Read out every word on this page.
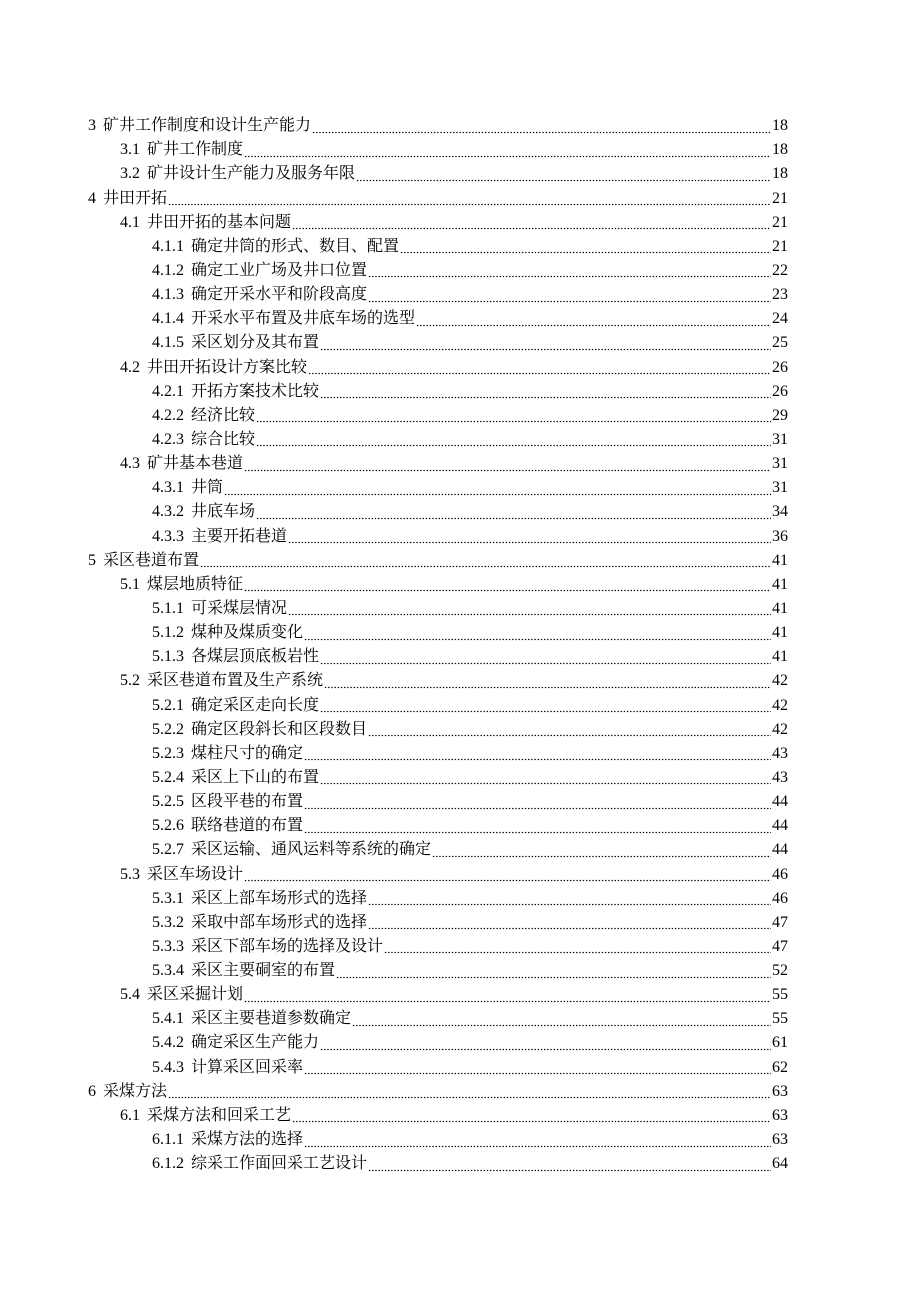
3 矿井工作制度和设计生产能力	18
3.1 矿井工作制度	18
3.2 矿井设计生产能力及服务年限	18
4 井田开拓	21
4.1 井田开拓的基本问题	21
4.1.1 确定井筒的形式、数目、配置	21
4.1.2 确定工业广场及井口位置	22
4.1.3 确定开采水平和阶段高度	23
4.1.4 开采水平布置及井底车场的选型	24
4.1.5 采区划分及其布置	25
4.2 井田开拓设计方案比较	26
4.2.1 开拓方案技术比较	26
4.2.2 经济比较	29
4.2.3 综合比较	31
4.3 矿井基本巷道	31
4.3.1 井筒	31
4.3.2 井底车场	34
4.3.3 主要开拓巷道	36
5 采区巷道布置	41
5.1 煤层地质特征	41
5.1.1 可采煤层情况	41
5.1.2 煤种及煤质变化	41
5.1.3 各煤层顶底板岩性	41
5.2 采区巷道布置及生产系统	42
5.2.1 确定采区走向长度	42
5.2.2 确定区段斜长和区段数目	42
5.2.3 煤柱尺寸的确定	43
5.2.4 采区上下山的布置	43
5.2.5 区段平巷的布置	44
5.2.6 联络巷道的布置	44
5.2.7 采区运输、通风运料等系统的确定	44
5.3 采区车场设计	46
5.3.1 采区上部车场形式的选择	46
5.3.2 采取中部车场形式的选择	47
5.3.3 采区下部车场的选择及设计	47
5.3.4 采区主要硐室的布置	52
5.4 采区采掘计划	55
5.4.1 采区主要巷道参数确定	55
5.4.2 确定采区生产能力	61
5.4.3 计算采区回采率	62
6 采煤方法	63
6.1 采煤方法和回采工艺	63
6.1.1 采煤方法的选择	63
6.1.2 综采工作面回采工艺设计	64
